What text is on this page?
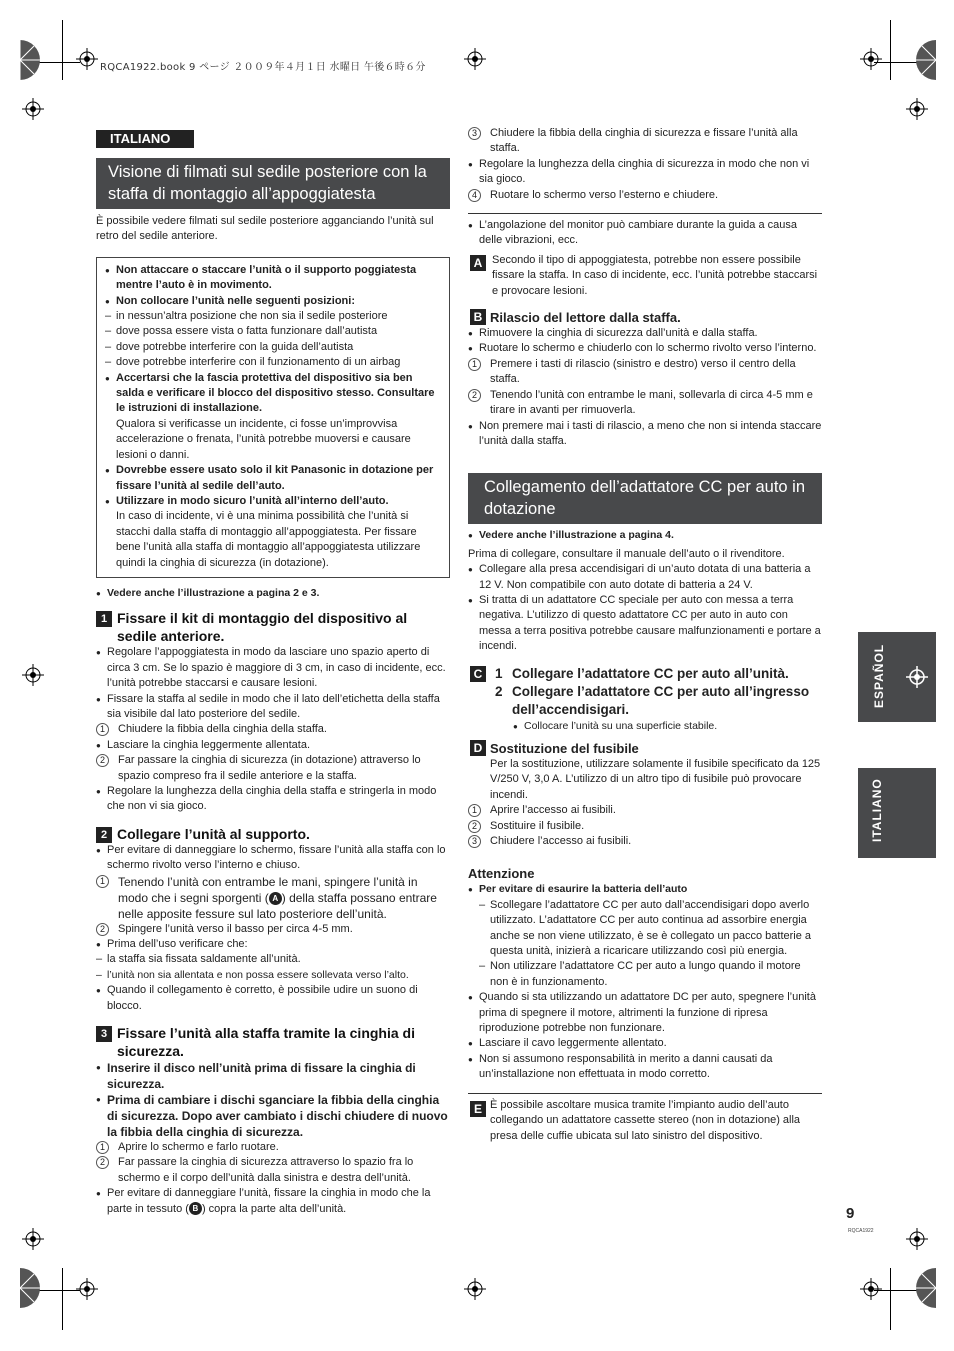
RQCA1922.book 9 ページ ２００９年４月１日 水曜日 午後６時６分
ITALIANO
Visione di filmati sul sedile posteriore con la staffa di montaggio all’appoggiatesta

È possibile vedere filmati sul sedile posteriore agganciando l’unità sul retro del sedile anteriore.

● Non attaccare o staccare l’unità o il supporto poggiatesta mentre l’auto è in movimento.

● Non collocare l’unità nelle seguenti posizioni:

– in nessun’altra posizione che non sia il sedile posteriore

– dove possa essere vista o fatta funzionare dall’autista

– dove potrebbe interferire con la guida dell’autista

– dove potrebbe interferire con il funzionamento di un airbag

● Accertarsi che la fascia protettiva del dispositivo sia ben salda e verificare il blocco del dispositivo stesso. Consultare le istruzioni di installazione.

Qualora si verificasse un incidente, ci fosse un’improvvisa accelerazione o frenata, l’unità potrebbe muoversi e causare lesioni o danni.

● Dovrebbe essere usato solo il kit Panasonic in dotazione per fissare l’unità al sedile dell’auto.

● Utilizzare in modo sicuro l’unità all’interno dell’auto.

In caso di incidente, vi è una minima possibilità che l’unità si stacchi dalla staffa di montaggio all’appoggiatesta. Per fissare bene l’unità alla staffa di montaggio all’appoggiatesta utilizzare quindi la cinghia di sicurezza (in dotazione).

● Vedere anche l’illustrazione a pagina 2 e 3.

1 Fissare il kit di montaggio del dispositivo al sedile anteriore.

● Regolare l’appoggiatesta in modo da lasciare uno spazio aperto di circa 3 cm. Se lo spazio è maggiore di 3 cm, in caso di incidente, ecc. l’unità potrebbe staccarsi e causare lesioni.

● Fissare la staffa al sedile in modo che il lato dell’etichetta della staffa sia visibile dal lato posteriore del sedile.

1	Chiudere la fibbia della cinghia della staffa.

● Lasciare la cinghia leggermente allentata.

2	Far passare la cinghia di sicurezza (in dotazione) attraverso lo spazio compreso fra il sedile anteriore e la staffa.

● Regolare la lunghezza della cinghia della staffa e stringerla in modo che non vi sia gioco.

2 Collegare l’unità al supporto.

● Per evitare di danneggiare lo schermo, fissare l’unità alla staffa con lo schermo rivolto verso l’interno e chiuso.

1	Tenendo l’unità con entrambe le mani, spingere l’unità in modo che i segni sporgenti ( A ) della staffa possano entrare nelle apposite fessure sul lato posteriore dell’unità.

2	Spingere l’unità verso il basso per circa 4-5 mm.

● Prima dell’uso verificare che:

– la staffa sia fissata saldamente all’unità.

– l’unità non sia allentata e non possa essere sollevata verso l’alto.

● Quando il collegamento è corretto, è possibile udire un suono di blocco.

3 Fissare l’unità alla staffa tramite la cinghia di sicurezza.

● Inserire il disco nell’unità prima di fissare la cinghia di sicurezza.

● Prima di cambiare i dischi sganciare la fibbia della cinghia di sicurezza. Dopo aver cambiato i dischi chiudere di nuovo la fibbia della cinghia di sicurezza.

1	Aprire lo schermo e farlo ruotare.

2	Far passare la cinghia di sicurezza attraverso lo spazio fra lo schermo e il corpo dell’unità dalla sinistra e destra dell’unità.

● Per evitare di danneggiare l’unità, fissare la cinghia in modo che la parte in tessuto ( B ) copra la parte alta dell’unità.

3	Chiudere la fibbia della cinghia di sicurezza e fissare l’unità alla staffa.

● Regolare la lunghezza della cinghia di sicurezza in modo che non vi sia gioco.

4	Ruotare lo schermo verso l’esterno e chiudere.

● L’angolazione del monitor può cambiare durante la guida a causa delle vibrazioni, ecc.

A Secondo il tipo di appoggiatesta, potrebbe non essere possibile fissare la staffa. In caso di incidente, ecc. l’unità potrebbe staccarsi e provocare lesioni.

B Rilascio del lettore dalla staffa.

● Rimuovere la cinghia di sicurezza dall’unità e dalla staffa.

● Ruotare lo schermo e chiuderlo con lo schermo rivolto verso l’interno.

1	Premere i tasti di rilascio (sinistro e destro) verso il centro della staffa.

2	Tenendo l’unità con entrambe le mani, sollevarla di circa 4-5 mm e tirare in avanti per rimuoverla.

● Non premere mai i tasti di rilascio, a meno che non si intenda staccare l’unità dalla staffa.

Collegamento dell’adattatore CC per auto in dotazione

● Vedere anche l’illustrazione a pagina 4.

Prima di collegare, consultare il manuale dell’auto o il rivenditore.

● Collegare alla presa accendisigari di un’auto dotata di una batteria a 12 V. Non compatibile con auto dotate di batteria a 24 V.

● Si tratta di un adattatore CC speciale per auto con messa a terra negativa. L’utilizzo di questo adattatore CC per auto in auto con messa a terra positiva potrebbe causare malfunzionamenti e portare a incendi.

C 1 Collegare l’adattatore CC per auto all’unità.

2 Collegare l’adattatore CC per auto all’ingresso dell’accendisigari.

● Collocare l’unità su una superficie stabile.

D Sostituzione del fusibile

Per la sostituzione, utilizzare solamente il fusibile specificato da 125 V/250 V, 3,0 A. L’utilizzo di un altro tipo di fusibile può provocare incendi.

1	Aprire l’accesso ai fusibili.

2	Sostituire il fusibile.

3	Chiudere l’accesso ai fusibili.

Attenzione

● Per evitare di esaurire la batteria dell’auto

– Scollegare l’adattatore CC per auto dall’accendisigari dopo averlo utilizzato. L’adattatore CC per auto continua ad assorbire energia anche se non viene utilizzato, è se è collegato un pacco batterie a questa unità, inizierà a ricaricare utilizzando così più energia.

– Non utilizzare l’adattatore CC per auto a lungo quando il motore non è in funzionamento.

● Quando si sta utilizzando un adattatore DC per auto, spegnere l’unità prima di spegnere il motore, altrimenti la funzione di ripresa riproduzione potrebbe non funzionare.

● Lasciare il cavo leggermente allentato.

● Non si assumono responsabilità in merito a danni causati da un’installazione non effettuata in modo corretto.

E È possibile ascoltare musica tramite l’impianto audio dell’auto collegando un adattatore cassette stereo (non in dotazione) alla presa delle cuffie ubicata sul lato sinistro del dispositivo.

ESPAÑOL
ITALIANO
9
RQCA1922
